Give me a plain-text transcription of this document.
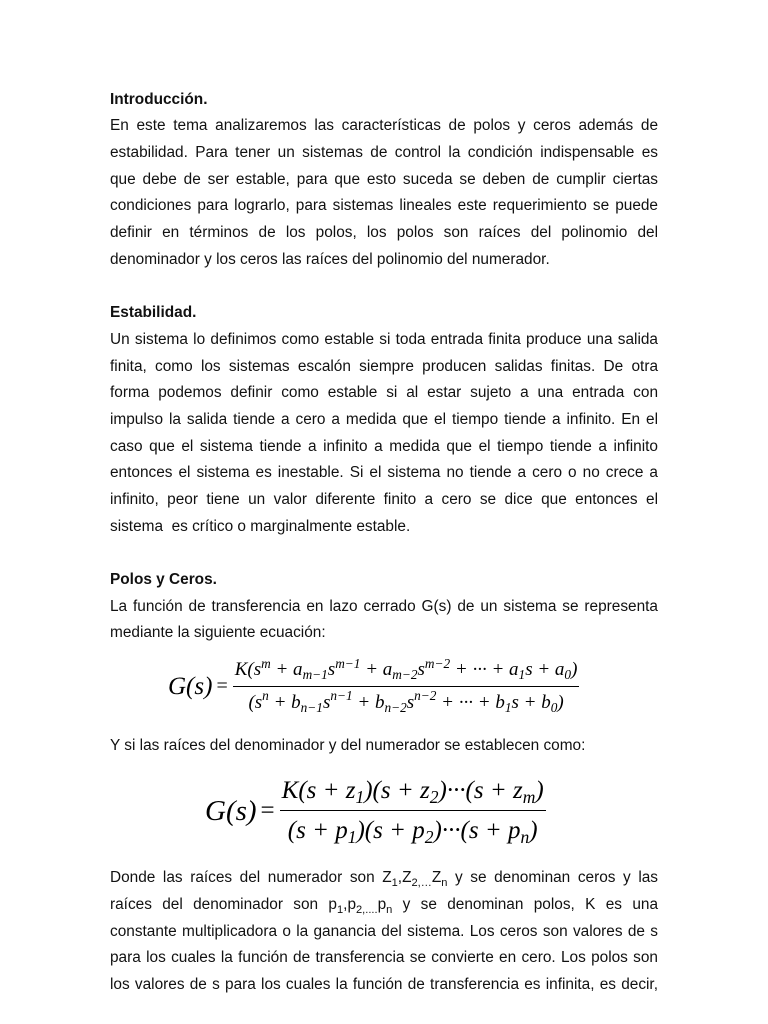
Introducción.
En este tema analizaremos las características de polos y ceros además de
estabilidad. Para tener un sistemas de control la condición indispensable es
que debe de ser estable, para que esto suceda se deben de cumplir ciertas
condiciones para lograrlo, para sistemas lineales este requerimiento se puede
definir en términos de los polos, los polos son raíces del polinomio del
denominador y los ceros las raíces del polinomio del numerador.
Estabilidad.
Un sistema lo definimos como estable si toda entrada finita produce una salida
finita, como los sistemas escalón siempre producen salidas finitas. De otra
forma podemos definir como estable si al estar sujeto a una entrada con
impulso la salida tiende a cero a medida que el tiempo tiende a infinito. En el
caso que el sistema tiende a infinito a medida que el tiempo tiende a infinito
entonces el sistema es inestable. Si el sistema no tiende a cero o no crece a
infinito, peor tiene un valor diferente finito a cero se dice que entonces el
sistema  es crítico o marginalmente estable.
Polos y Ceros.
La función de transferencia en lazo cerrado G(s) de un sistema se representa
mediante la siguiente ecuación:
$G(s) = \frac{K(s^m + a_{m-1}s^{m-1} + a_{m-2}s^{m-2} + \cdot\cdot\cdot + a_1s + a_0)}{(s^n + b_{n-1}s^{n-1} + b_{n-2}s^{n-2} + \cdot\cdot\cdot + b_1s + b_0)}$
Y si las raíces del denominador y del numerador se establecen como:
$G(s) = \frac{K(s + z_1)(s + z_2)\cdot\cdot\cdot(s + z_m)}{(s + p_1)(s + p_2)\cdot\cdot\cdot(s + p_n)}$
Donde las raíces del numerador son $Z_1,Z_{2,\dots}Z_n$ y se denominan ceros y las
raíces del denominador son $p_1,p_{2,....}p_n$ y se denominan polos, K es una
constante multiplicadora o la ganancia del sistema. Los ceros son valores de s
para los cuales la función de transferencia se convierte en cero. Los polos son
los valores de s para los cuales la función de transferencia es infinita, es decir,
